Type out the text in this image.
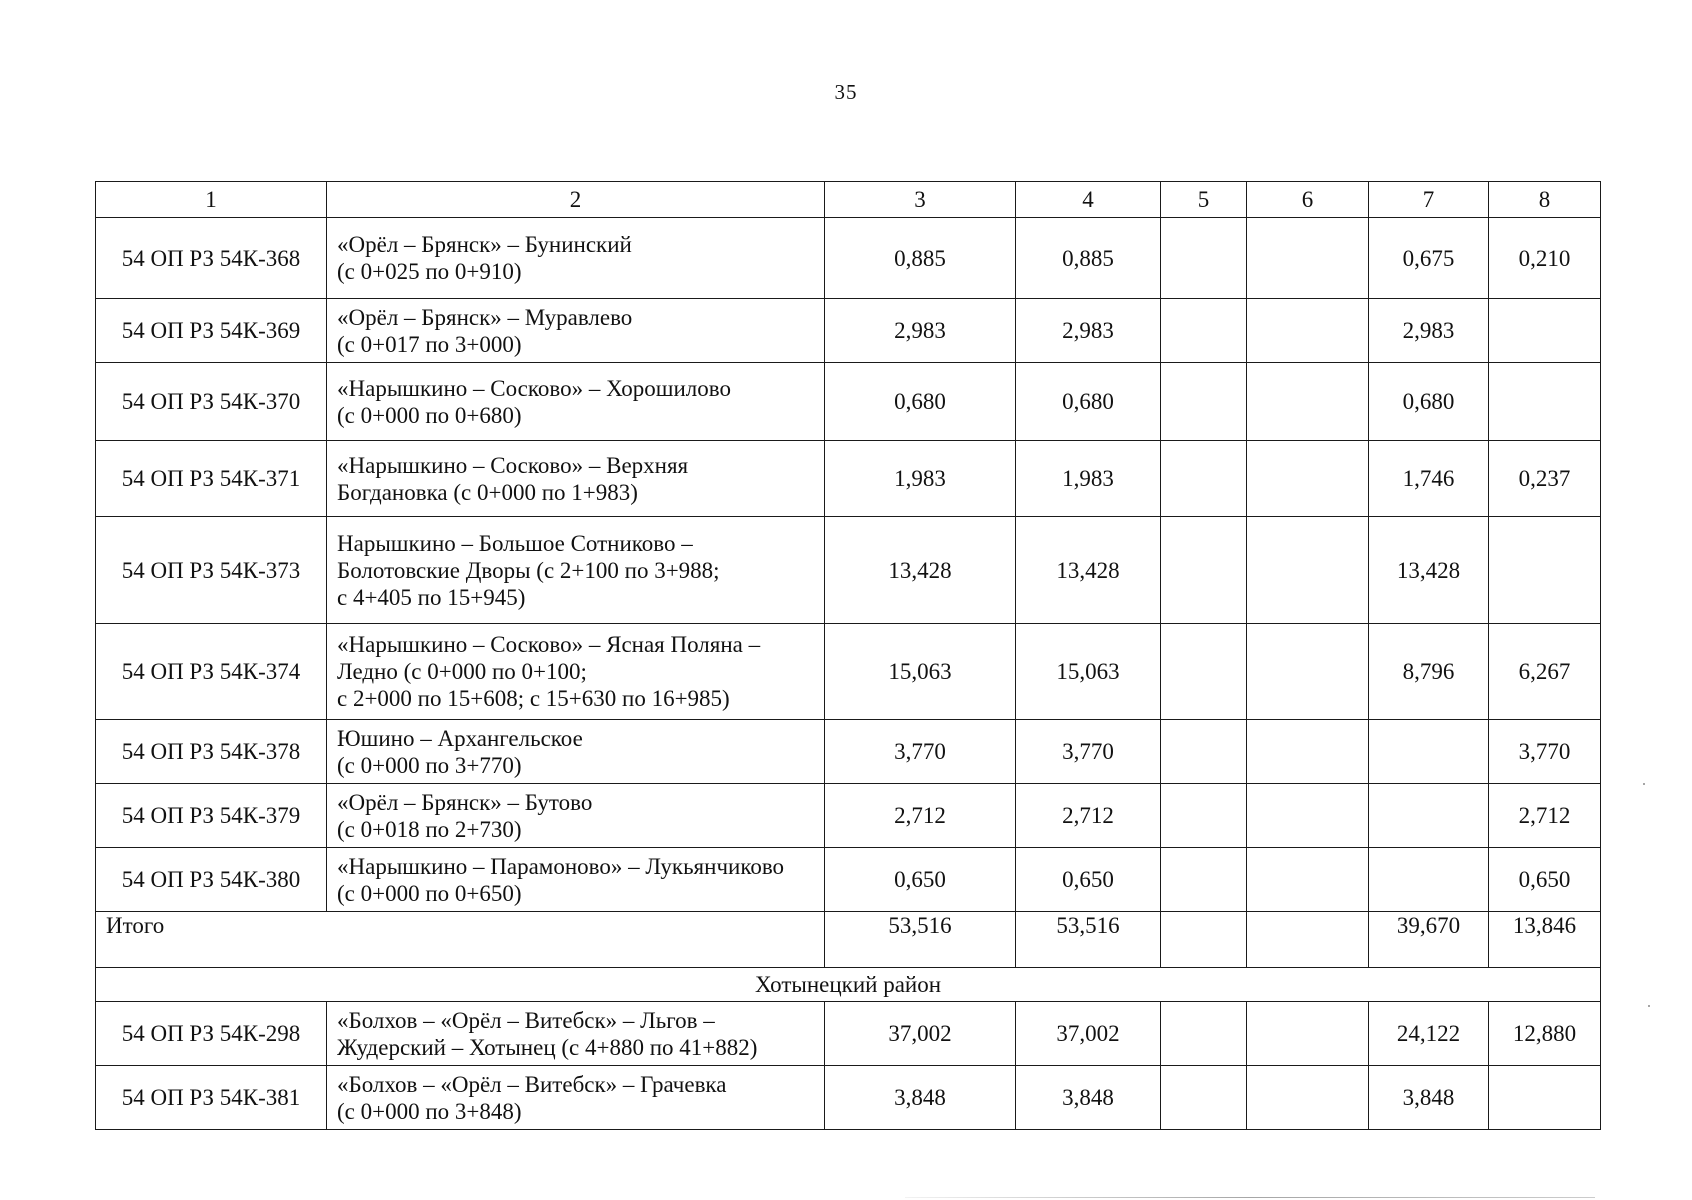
35
1	2	3	4	5	6	7	8
54 ОП РЗ 54К-368	«Орёл – Брянск» – Бунинский
(с 0+025 по 0+910)	0,885	0,885			0,675	0,210
54 ОП РЗ 54К-369	«Орёл – Брянск» – Муравлево
(с 0+017 по 3+000)	2,983	2,983			2,983	
54 ОП РЗ 54К-370	«Нарышкино – Сосково» – Хорошилово
(с 0+000 по 0+680)	0,680	0,680			0,680	
54 ОП РЗ 54К-371	«Нарышкино – Сосково» – Верхняя
Богдановка (с 0+000 по 1+983)	1,983	1,983			1,746	0,237
54 ОП РЗ 54К-373	Нарышкино – Большое Сотниково –
Болотовские Дворы (с 2+100 по 3+988;
с 4+405 по 15+945)	13,428	13,428			13,428	
54 ОП РЗ 54К-374	«Нарышкино – Сосково» – Ясная Поляна –
Ледно (с 0+000 по 0+100;
с 2+000 по 15+608; с 15+630 по 16+985)	15,063	15,063			8,796	6,267
54 ОП РЗ 54К-378	Юшино – Архангельское
(с 0+000 по 3+770)	3,770	3,770				3,770
54 ОП РЗ 54К-379	«Орёл – Брянск» – Бутово
(с 0+018 по 2+730)	2,712	2,712				2,712
54 ОП РЗ 54К-380	«Нарышкино – Парамоново» – Лукьянчиково
(с 0+000 по 0+650)	0,650	0,650				0,650
Итого		53,516	53,516			39,670	13,846
Хотынецкий район							
54 ОП РЗ 54К-298	«Болхов – «Орёл – Витебск» – Льгов –
Жудерский – Хотынец (с 4+880 по 41+882)	37,002	37,002			24,122	12,880
54 ОП РЗ 54К-381	«Болхов – «Орёл – Витебск» – Грачевка
(с 0+000 по 3+848)	3,848	3,848			3,848	
